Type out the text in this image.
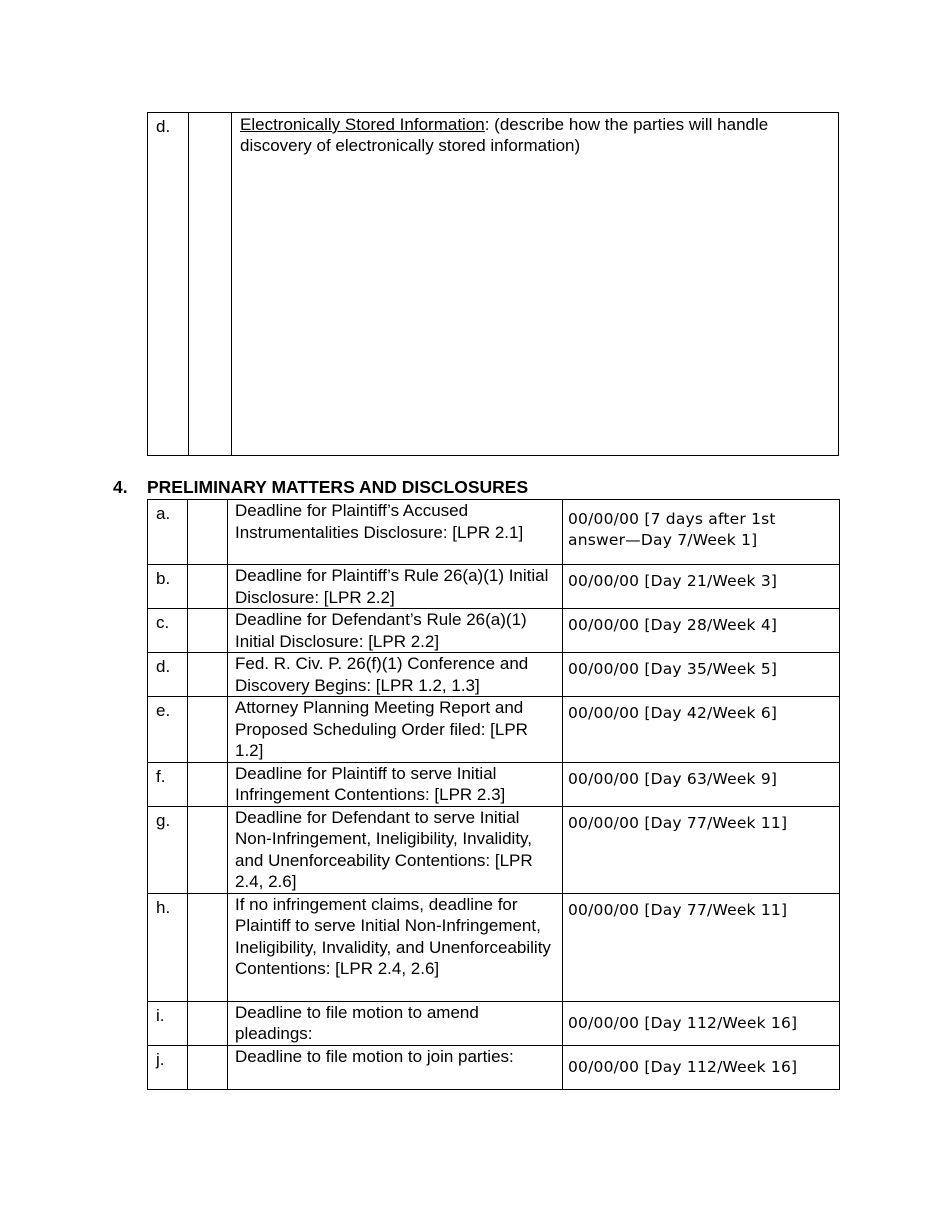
d.		Electronically Stored Information: (describe how the parties will handle discovery of electronically stored information)
4. PRELIMINARY MATTERS AND DISCLOSURES
a.		Deadline for Plaintiff’s Accused Instrumentalities Disclosure: [LPR 2.1]	00/00/00 [7 days after 1st answer—Day 7/Week 1]
b.		Deadline for Plaintiff’s Rule 26(a)(1) Initial Disclosure: [LPR 2.2]	00/00/00 [Day 21/Week 3]
c.		Deadline for Defendant’s Rule 26(a)(1) Initial Disclosure: [LPR 2.2]	00/00/00 [Day 28/Week 4]
d.		Fed. R. Civ. P. 26(f)(1) Conference and Discovery Begins: [LPR 1.2, 1.3]	00/00/00 [Day 35/Week 5]
e.		Attorney Planning Meeting Report and Proposed Scheduling Order filed: [LPR 1.2]	00/00/00 [Day 42/Week 6]
f.		Deadline for Plaintiff to serve Initial Infringement Contentions: [LPR 2.3]	00/00/00 [Day 63/Week 9]
g.		Deadline for Defendant to serve Initial Non-Infringement, Ineligibility, Invalidity, and Unenforceability Contentions: [LPR 2.4, 2.6]	00/00/00 [Day 77/Week 11]
h.		If no infringement claims, deadline for Plaintiff to serve Initial Non-Infringement, Ineligibility, Invalidity, and Unenforceability Contentions: [LPR 2.4, 2.6]	00/00/00 [Day 77/Week 11]
i.		Deadline to file motion to amend pleadings:	00/00/00 [Day 112/Week 16]
j.		Deadline to file motion to join parties:	00/00/00 [Day 112/Week 16]
